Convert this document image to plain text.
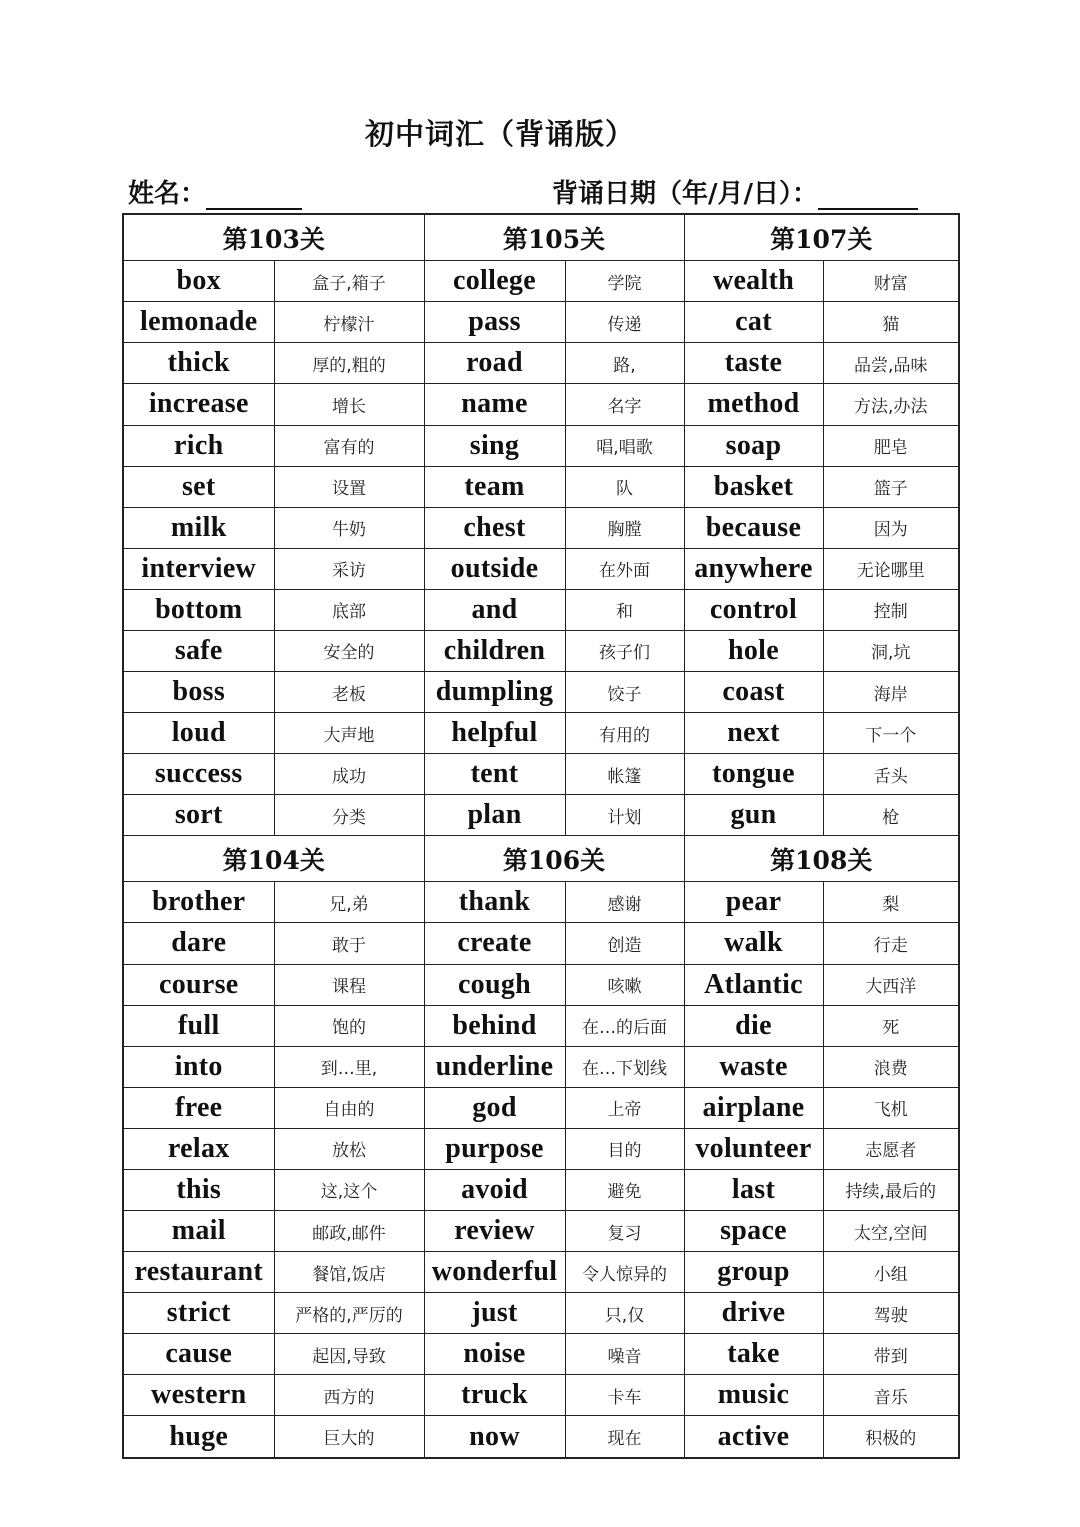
初中词汇（背诵版）
姓名：	背诵日期（年/月/日）：
第103关		第105关		第107关	
box	盒子,箱子	college	学院	wealth	财富
lemonade	柠檬汁	pass	传递	cat	猫
thick	厚的,粗的	road	路,	taste	品尝,品味
increase	增长	name	名字	method	方法,办法
rich	富有的	sing	唱,唱歌	soap	肥皂
set	设置	team	队	basket	篮子
milk	牛奶	chest	胸膛	because	因为
interview	采访	outside	在外面	anywhere	无论哪里
bottom	底部	and	和	control	控制
safe	安全的	children	孩子们	hole	洞,坑
boss	老板	dumpling	饺子	coast	海岸
loud	大声地	helpful	有用的	next	下一个
success	成功	tent	帐篷	tongue	舌头
sort	分类	plan	计划	gun	枪
第104关		第106关		第108关	
brother	兄,弟	thank	感谢	pear	梨
dare	敢于	create	创造	walk	行走
course	课程	cough	咳嗽	Atlantic	大西洋
full	饱的	behind	在…的后面	die	死
into	到…里,	underline	在…下划线	waste	浪费
free	自由的	god	上帝	airplane	飞机
relax	放松	purpose	目的	volunteer	志愿者
this	这,这个	avoid	避免	last	持续,最后的
mail	邮政,邮件	review	复习	space	太空,空间
restaurant	餐馆,饭店	wonderful	令人惊异的	group	小组
strict	严格的,严厉的	just	只,仅	drive	驾驶
cause	起因,导致	noise	噪音	take	带到
western	西方的	truck	卡车	music	音乐
huge	巨大的	now	现在	active	积极的
